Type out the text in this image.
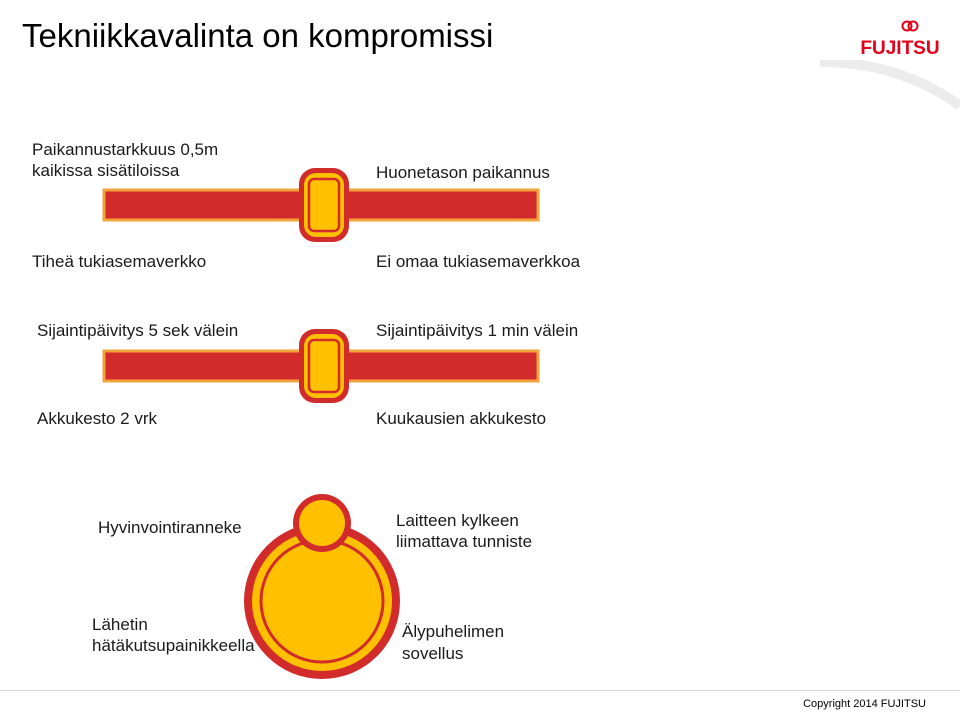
Tekniikkavalinta on kompromissi	FUJITSU
Paikannustarkkuus 0,5m
kaikissa sisätiloissa	Huonetason paikannus
Tiheä tukiasemaverkko	Ei omaa tukiasemaverkkoa
Sijaintipäivitys 5 sek välein	Sijaintipäivitys 1 min välein
Akkukesto 2 vrk	Kuukausien akkukesto
Hyvinvointiranneke	Laitteen kylkeen
liimattava tunniste
Lähetin
hätäkutsupainikkeella
Älypuhelimen
sovellus
Copyright 2014 FUJITSU
